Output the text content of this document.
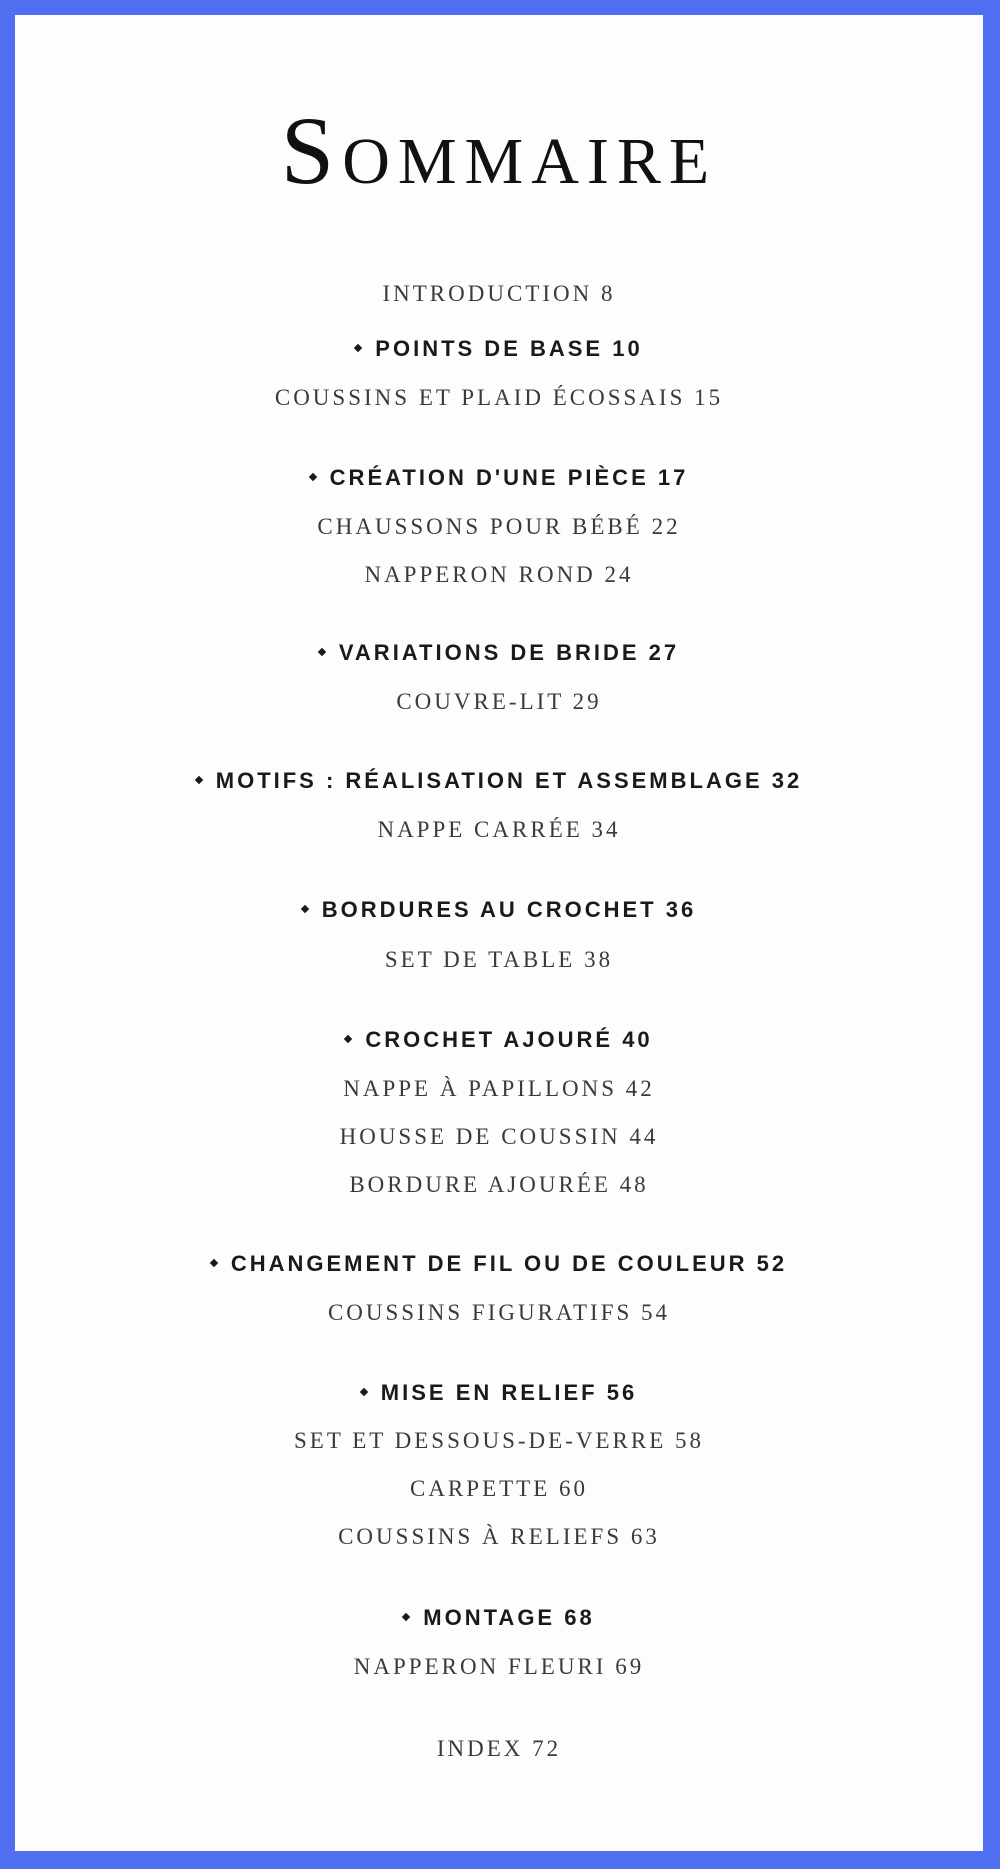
SOMMAIRE
INTRODUCTION 8
POINTS DE BASE 10
COUSSINS ET PLAID ÉCOSSAIS 15
CRÉATION D'UNE PIÈCE 17
CHAUSSONS POUR BÉBÉ 22
NAPPERON ROND 24
VARIATIONS DE BRIDE 27
COUVRE-LIT 29
MOTIFS : RÉALISATION ET ASSEMBLAGE 32
NAPPE CARRÉE 34
BORDURES AU CROCHET 36
SET DE TABLE 38
CROCHET AJOURÉ 40
NAPPE À PAPILLONS 42
HOUSSE DE COUSSIN 44
BORDURE AJOURÉE 48
CHANGEMENT DE FIL OU DE COULEUR 52
COUSSINS FIGURATIFS 54
MISE EN RELIEF 56
SET ET DESSOUS-DE-VERRE 58
CARPETTE 60
COUSSINS À RELIEFS 63
MONTAGE 68
NAPPERON FLEURI 69
INDEX 72
